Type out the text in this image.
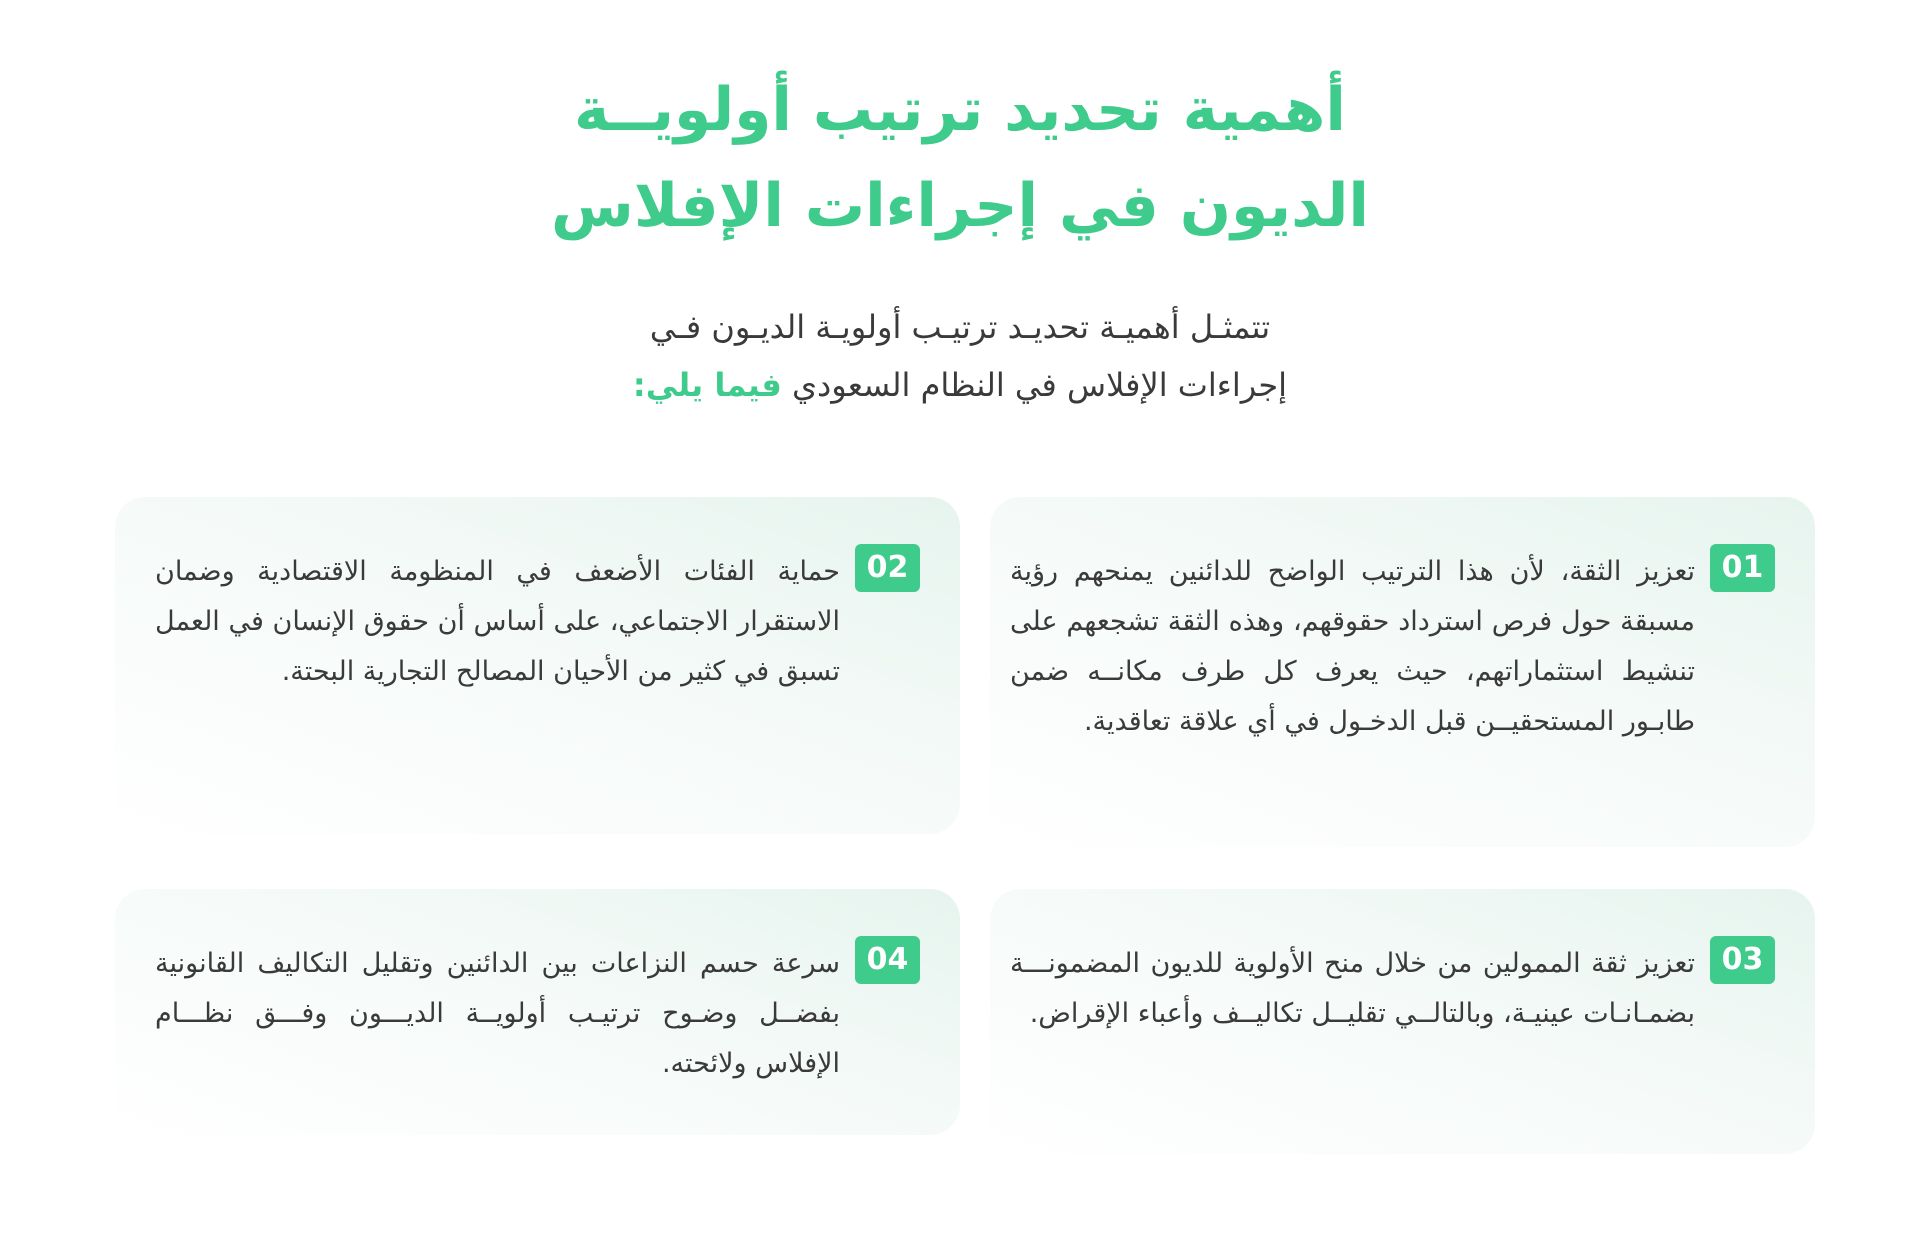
أهمية تحديد ترتيب أولويــة
الديون في إجراءات الإفلاس

تتمثـل أهميـة تحديـد ترتيـب أولويـة الديـون فـي
إجراءات الإفلاس في النظام السعودي فيما يلي:

01

تعزيز الثقة، لأن هذا الترتيب الواضح للدائنين يمنحهم رؤية مسبقة حول فرص استرداد حقوقهم، وهذه الثقة تشجعهم على تنشيط استثماراتهم، حيث يعرف كل طرف مكانــه ضمن طابـور المستحقيــن قبل الدخـول في أي علاقة تعاقدية.

02

حماية الفئات الأضعف في المنظومة الاقتصادية وضمان الاستقرار الاجتماعي، على أساس أن حقوق الإنسان في العمل تسبق في كثير من الأحيان المصالح التجارية البحتة.

03

تعزيز ثقة الممولين من خلال منح الأولوية للديون المضمونـــة بضمـانـات عينيـة، وبالتالــي تقليــل تكاليــف وأعباء الإقراض.

04

سرعة حسم النزاعات بين الدائنين وتقليل التكاليف القانونية بفضــل وضـوح ترتيـب أولويــة الديـــون وفـــق نظـــام الإفلاس ولائحته.
